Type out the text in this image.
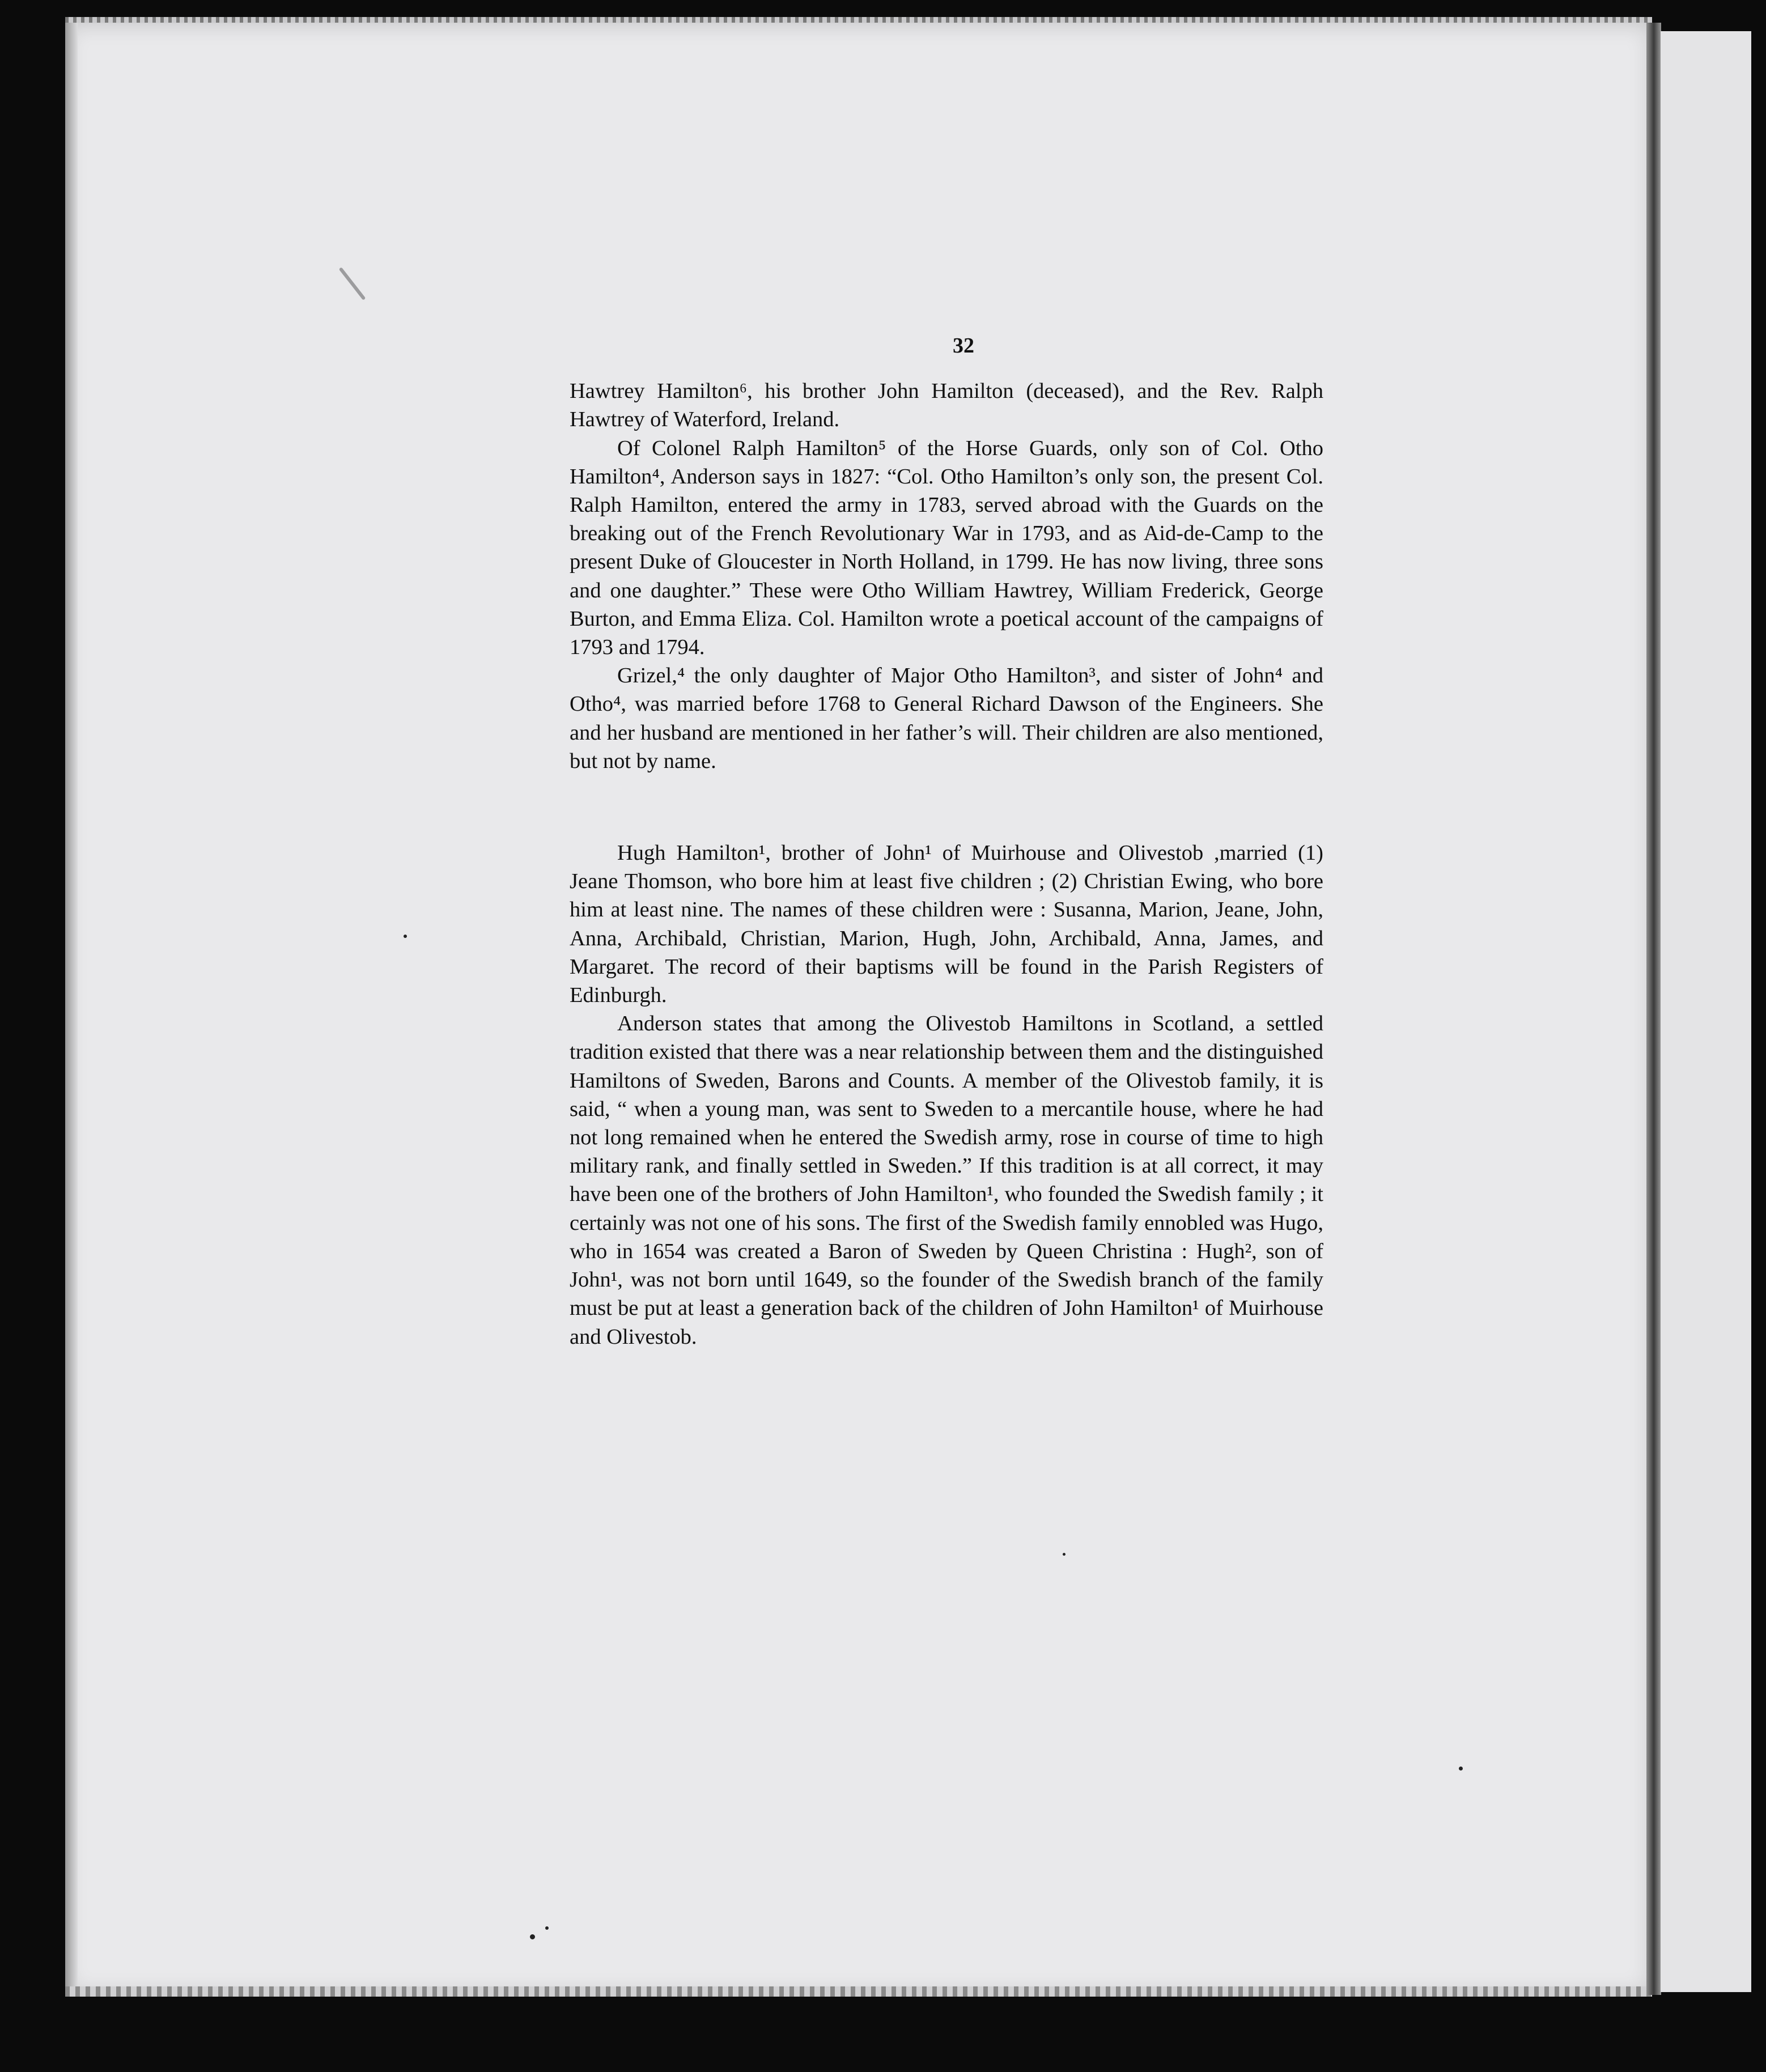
32

Hawtrey Hamilton⁶, his brother John Hamilton (deceased), and the Rev. Ralph Hawtrey of Waterford, Ireland.

Of Colonel Ralph Hamilton⁵ of the Horse Guards, only son of Col. Otho Hamilton⁴, Anderson says in 1827: “Col. Otho Hamilton’s only son, the present Col. Ralph Hamilton, entered the army in 1783, served abroad with the Guards on the breaking out of the French Revolutionary War in 1793, and as Aid-de-Camp to the present Duke of Gloucester in North Holland, in 1799. He has now living, three sons and one daughter.” These were Otho William Hawtrey, William Frederick, George Burton, and Emma Eliza. Col. Hamilton wrote a poetical account of the campaigns of 1793 and 1794.

Grizel,⁴ the only daughter of Major Otho Hamilton³, and sister of John⁴ and Otho⁴, was married before 1768 to General Richard Dawson of the Engineers. She and her husband are mentioned in her father’s will. Their children are also mentioned, but not by name.

Hugh Hamilton¹, brother of John¹ of Muirhouse and Olivestob ,married (1) Jeane Thomson, who bore him at least five children ; (2) Christian Ewing, who bore him at least nine. The names of these children were : Susanna, Marion, Jeane, John, Anna, Archibald, Christian, Marion, Hugh, John, Archibald, Anna, James, and Margaret. The record of their baptisms will be found in the Parish Registers of Edinburgh.

Anderson states that among the Olivestob Hamiltons in Scotland, a settled tradition existed that there was a near relationship between them and the distinguished Hamiltons of Sweden, Barons and Counts. A member of the Olivestob family, it is said, “ when a young man, was sent to Sweden to a mercantile house, where he had not long remained when he entered the Swedish army, rose in course of time to high military rank, and finally settled in Sweden.” If this tradition is at all correct, it may have been one of the brothers of John Hamilton¹, who founded the Swedish family ; it certainly was not one of his sons. The first of the Swedish family ennobled was Hugo, who in 1654 was created a Baron of Sweden by Queen Christina : Hugh², son of John¹, was not born until 1649, so the founder of the Swedish branch of the family must be put at least a generation back of the children of John Hamilton¹ of Muirhouse and Olivestob.
